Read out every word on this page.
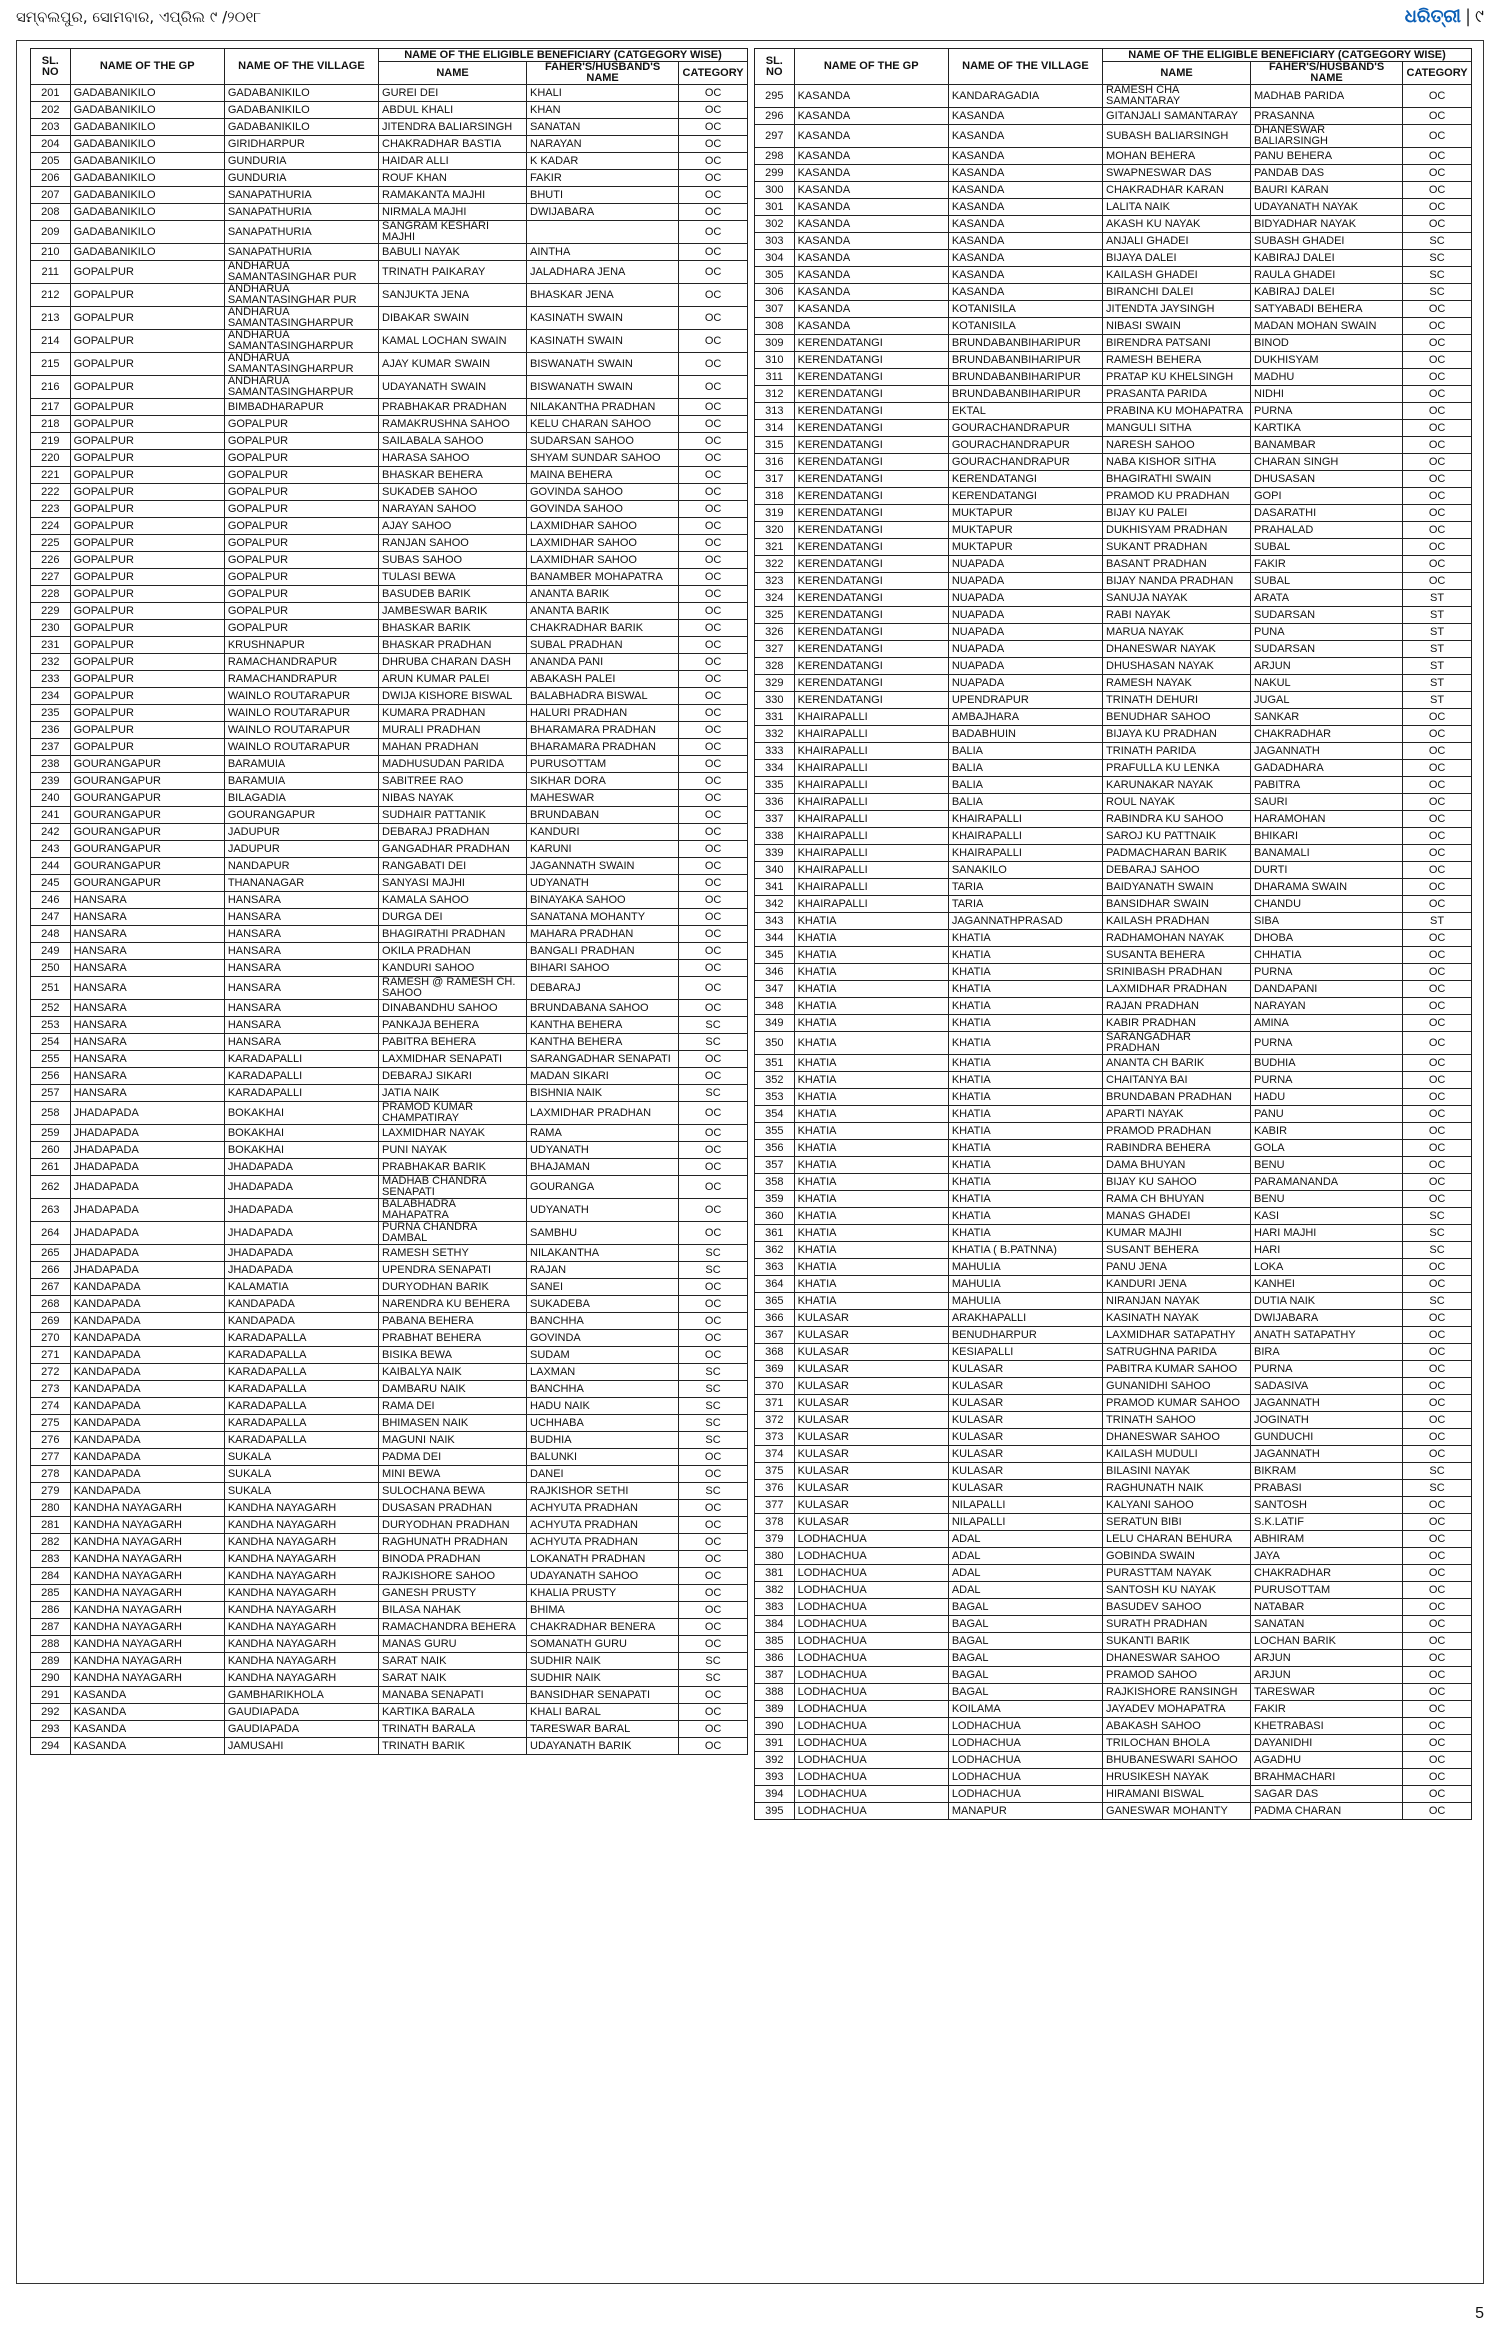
ସମ୍ବଲପୁର, ସୋମବାର, ଏପ୍ରିଲ ୯ /୨୦୧୮	ଧରିତ୍ରୀ | ୯
SL. NO	NAME OF THE GP	NAME OF THE VILLAGE	NAME OF THE ELIGIBLE BENEFICIARY (CATGEGORY WISE)		
			NAME	FAHER'S/HUSBAND'S NAME	CATEGORY
201	GADABANIKILO	GADABANIKILO	GUREI DEI	KHALI	OC
202	GADABANIKILO	GADABANIKILO	ABDUL KHALI	KHAN	OC
203	GADABANIKILO	GADABANIKILO	JITENDRA BALIARSINGH	SANATAN	OC
204	GADABANIKILO	GIRIDHARPUR	CHAKRADHAR BASTIA	NARAYAN	OC
205	GADABANIKILO	GUNDURIA	HAIDAR ALLI	K KADAR	OC
206	GADABANIKILO	GUNDURIA	ROUF KHAN	FAKIR	OC
207	GADABANIKILO	SANAPATHURIA	RAMAKANTA MAJHI	BHUTI	OC
208	GADABANIKILO	SANAPATHURIA	NIRMALA MAJHI	DWIJABARA	OC
209	GADABANIKILO	SANAPATHURIA	SANGRAM KESHARI MAJHI		OC
210	GADABANIKILO	SANAPATHURIA	BABULI NAYAK	AINTHA	OC
211	GOPALPUR	ANDHARUA SAMANTASINGHAR PUR	TRINATH PAIKARAY	JALADHARA JENA	OC
212	GOPALPUR	ANDHARUA SAMANTASINGHAR PUR	SANJUKTA JENA	BHASKAR JENA	OC
213	GOPALPUR	ANDHARUA SAMANTASINGHARPUR	DIBAKAR SWAIN	KASINATH SWAIN	OC
214	GOPALPUR	ANDHARUA SAMANTASINGHARPUR	KAMAL LOCHAN SWAIN	KASINATH SWAIN	OC
215	GOPALPUR	ANDHARUA SAMANTASINGHARPUR	AJAY KUMAR SWAIN	BISWANATH SWAIN	OC
216	GOPALPUR	ANDHARUA SAMANTASINGHARPUR	UDAYANATH SWAIN	BISWANATH SWAIN	OC
217	GOPALPUR	BIMBADHARAPUR	PRABHAKAR PRADHAN	NILAKANTHA PRADHAN	OC
218	GOPALPUR	GOPALPUR	RAMAKRUSHNA SAHOO	KELU CHARAN SAHOO	OC
219	GOPALPUR	GOPALPUR	SAILABALA SAHOO	SUDARSAN SAHOO	OC
220	GOPALPUR	GOPALPUR	HARASA SAHOO	SHYAM SUNDAR SAHOO	OC
221	GOPALPUR	GOPALPUR	BHASKAR BEHERA	MAINA BEHERA	OC
222	GOPALPUR	GOPALPUR	SUKADEB SAHOO	GOVINDA SAHOO	OC
223	GOPALPUR	GOPALPUR	NARAYAN SAHOO	GOVINDA SAHOO	OC
224	GOPALPUR	GOPALPUR	AJAY SAHOO	LAXMIDHAR SAHOO	OC
225	GOPALPUR	GOPALPUR	RANJAN SAHOO	LAXMIDHAR SAHOO	OC
226	GOPALPUR	GOPALPUR	SUBAS SAHOO	LAXMIDHAR SAHOO	OC
227	GOPALPUR	GOPALPUR	TULASI BEWA	BANAMBER MOHAPATRA	OC
228	GOPALPUR	GOPALPUR	BASUDEB BARIK	ANANTA BARIK	OC
229	GOPALPUR	GOPALPUR	JAMBESWAR BARIK	ANANTA BARIK	OC
230	GOPALPUR	GOPALPUR	BHASKAR BARIK	CHAKRADHAR BARIK	OC
231	GOPALPUR	KRUSHNAPUR	BHASKAR PRADHAN	SUBAL PRADHAN	OC
232	GOPALPUR	RAMACHANDRAPUR	DHRUBA CHARAN DASH	ANANDA PANI	OC
233	GOPALPUR	RAMACHANDRAPUR	ARUN KUMAR PALEI	ABAKASH PALEI	OC
234	GOPALPUR	WAINLO ROUTARAPUR	DWIJA KISHORE BISWAL	BALABHADRA BISWAL	OC
235	GOPALPUR	WAINLO ROUTARAPUR	KUMARA PRADHAN	HALURI PRADHAN	OC
236	GOPALPUR	WAINLO ROUTARAPUR	MURALI PRADHAN	BHARAMARA PRADHAN	OC
237	GOPALPUR	WAINLO ROUTARAPUR	MAHAN PRADHAN	BHARAMARA PRADHAN	OC
238	GOURANGAPUR	BARAMUIA	MADHUSUDAN PARIDA	PURUSOTTAM	OC
239	GOURANGAPUR	BARAMUIA	SABITREE RAO	SIKHAR DORA	OC
240	GOURANGAPUR	BILAGADIA	NIBAS NAYAK	MAHESWAR	OC
241	GOURANGAPUR	GOURANGAPUR	SUDHAIR PATTANIK	BRUNDABAN	OC
242	GOURANGAPUR	JADUPUR	DEBARAJ PRADHAN	KANDURI	OC
243	GOURANGAPUR	JADUPUR	GANGADHAR PRADHAN	KARUNI	OC
244	GOURANGAPUR	NANDAPUR	RANGABATI DEI	JAGANNATH SWAIN	OC
245	GOURANGAPUR	THANANAGAR	SANYASI MAJHI	UDYANATH	OC
246	HANSARA	HANSARA	KAMALA SAHOO	BINAYAKA SAHOO	OC
247	HANSARA	HANSARA	DURGA DEI	SANATANA MOHANTY	OC
248	HANSARA	HANSARA	BHAGIRATHI PRADHAN	MAHARA PRADHAN	OC
249	HANSARA	HANSARA	OKILA PRADHAN	BANGALI PRADHAN	OC
250	HANSARA	HANSARA	KANDURI SAHOO	BIHARI SAHOO	OC
251	HANSARA	HANSARA	RAMESH @ RAMESH CH. SAHOO	DEBARAJ	OC
252	HANSARA	HANSARA	DINABANDHU SAHOO	BRUNDABANA SAHOO	OC
253	HANSARA	HANSARA	PANKAJA BEHERA	KANTHA BEHERA	SC
254	HANSARA	HANSARA	PABITRA BEHERA	KANTHA BEHERA	SC
255	HANSARA	KARADAPALLI	LAXMIDHAR SENAPATI	SARANGADHAR SENAPATI	OC
256	HANSARA	KARADAPALLI	DEBARAJ SIKARI	MADAN SIKARI	OC
257	HANSARA	KARADAPALLI	JATIA NAIK	BISHNIA NAIK	SC
258	JHADAPADA	BOKAKHAI	PRAMOD KUMAR CHAMPATIRAY	LAXMIDHAR PRADHAN	OC
259	JHADAPADA	BOKAKHAI	LAXMIDHAR NAYAK	RAMA	OC
260	JHADAPADA	BOKAKHAI	PUNI NAYAK	UDYANATH	OC
261	JHADAPADA	JHADAPADA	PRABHAKAR BARIK	BHAJAMAN	OC
262	JHADAPADA	JHADAPADA	MADHAB CHANDRA SENAPATI	GOURANGA	OC
263	JHADAPADA	JHADAPADA	BALABHADRA MAHAPATRA	UDYANATH	OC
264	JHADAPADA	JHADAPADA	PURNA CHANDRA DAMBAL	SAMBHU	OC
265	JHADAPADA	JHADAPADA	RAMESH SETHY	NILAKANTHA	SC
266	JHADAPADA	JHADAPADA	UPENDRA SENAPATI	RAJAN	SC
267	KANDAPADA	KALAMATIA	DURYODHAN BARIK	SANEI	OC
268	KANDAPADA	KANDAPADA	NARENDRA KU BEHERA	SUKADEBA	OC
269	KANDAPADA	KANDAPADA	PABANA BEHERA	BANCHHA	OC
270	KANDAPADA	KARADAPALLA	PRABHAT BEHERA	GOVINDA	OC
271	KANDAPADA	KARADAPALLA	BISIKA BEWA	SUDAM	OC
272	KANDAPADA	KARADAPALLA	KAIBALYA NAIK	LAXMAN	SC
273	KANDAPADA	KARADAPALLA	DAMBARU NAIK	BANCHHA	SC
274	KANDAPADA	KARADAPALLA	RAMA DEI	HADU NAIK	SC
275	KANDAPADA	KARADAPALLA	BHIMASEN NAIK	UCHHABA	SC
276	KANDAPADA	KARADAPALLA	MAGUNI NAIK	BUDHIA	SC
277	KANDAPADA	SUKALA	PADMA DEI	BALUNKI	OC
278	KANDAPADA	SUKALA	MINI BEWA	DANEI	OC
279	KANDAPADA	SUKALA	SULOCHANA BEWA	RAJKISHOR SETHI	SC
280	KANDHA NAYAGARH	KANDHA NAYAGARH	DUSASAN PRADHAN	ACHYUTA PRADHAN	OC
281	KANDHA NAYAGARH	KANDHA NAYAGARH	DURYODHAN PRADHAN	ACHYUTA PRADHAN	OC
282	KANDHA NAYAGARH	KANDHA NAYAGARH	RAGHUNATH PRADHAN	ACHYUTA PRADHAN	OC
283	KANDHA NAYAGARH	KANDHA NAYAGARH	BINODA PRADHAN	LOKANATH PRADHAN	OC
284	KANDHA NAYAGARH	KANDHA NAYAGARH	RAJKISHORE SAHOO	UDAYANATH SAHOO	OC
285	KANDHA NAYAGARH	KANDHA NAYAGARH	GANESH PRUSTY	KHALIA PRUSTY	OC
286	KANDHA NAYAGARH	KANDHA NAYAGARH	BILASA NAHAK	BHIMA	OC
287	KANDHA NAYAGARH	KANDHA NAYAGARH	RAMACHANDRA BEHERA	CHAKRADHAR BENERA	OC
288	KANDHA NAYAGARH	KANDHA NAYAGARH	MANAS GURU	SOMANATH GURU	OC
289	KANDHA NAYAGARH	KANDHA NAYAGARH	SARAT NAIK	SUDHIR NAIK	SC
290	KANDHA NAYAGARH	KANDHA NAYAGARH	SARAT NAIK	SUDHIR NAIK	SC
291	KASANDA	GAMBHARIKHOLA	MANABA SENAPATI	BANSIDHAR SENAPATI	OC
292	KASANDA	GAUDIAPADA	KARTIKA BARALA	KHALI BARAL	OC
293	KASANDA	GAUDIAPADA	TRINATH BARALA	TARESWAR BARAL	OC
294	KASANDA	JAMUSAHI	TRINATH BARIK	UDAYANATH BARIK	OC
SL. NO	NAME OF THE GP	NAME OF THE VILLAGE	NAME OF THE ELIGIBLE BENEFICIARY (CATGEGORY WISE)		
			NAME	FAHER'S/HUSBAND'S NAME	CATEGORY
295	KASANDA	KANDARAGADIA	RAMESH CHA SAMANTARAY	MADHAB PARIDA	OC
296	KASANDA	KASANDA	GITANJALI SAMANTARAY	PRASANNA	OC
297	KASANDA	KASANDA	SUBASH BALIARSINGH	DHANESWAR BALIARSINGH	OC
298	KASANDA	KASANDA	MOHAN BEHERA	PANU BEHERA	OC
299	KASANDA	KASANDA	SWAPNESWAR DAS	PANDAB DAS	OC
300	KASANDA	KASANDA	CHAKRADHAR KARAN	BAURI KARAN	OC
301	KASANDA	KASANDA	LALITA NAIK	UDAYANATH NAYAK	OC
302	KASANDA	KASANDA	AKASH KU NAYAK	BIDYADHAR NAYAK	OC
303	KASANDA	KASANDA	ANJALI GHADEI	SUBASH GHADEI	SC
304	KASANDA	KASANDA	BIJAYA DALEI	KABIRAJ DALEI	SC
305	KASANDA	KASANDA	KAILASH GHADEI	RAULA GHADEI	SC
306	KASANDA	KASANDA	BIRANCHI DALEI	KABIRAJ DALEI	SC
307	KASANDA	KOTANISILA	JITENDTA JAYSINGH	SATYABADI BEHERA	OC
308	KASANDA	KOTANISILA	NIBASI SWAIN	MADAN MOHAN SWAIN	OC
309	KERENDATANGI	BRUNDABANBIHARIPUR	BIRENDRA PATSANI	BINOD	OC
310	KERENDATANGI	BRUNDABANBIHARIPUR	RAMESH BEHERA	DUKHISYAM	OC
311	KERENDATANGI	BRUNDABANBIHARIPUR	PRATAP KU KHELSINGH	MADHU	OC
312	KERENDATANGI	BRUNDABANBIHARIPUR	PRASANTA PARIDA	NIDHI	OC
313	KERENDATANGI	EKTAL	PRABINA KU MOHAPATRA	PURNA	OC
314	KERENDATANGI	GOURACHANDRAPUR	MANGULI SITHA	KARTIKA	OC
315	KERENDATANGI	GOURACHANDRAPUR	NARESH SAHOO	BANAMBAR	OC
316	KERENDATANGI	GOURACHANDRAPUR	NABA KISHOR SITHA	CHARAN SINGH	OC
317	KERENDATANGI	KERENDATANGI	BHAGIRATHI SWAIN	DHUSASAN	OC
318	KERENDATANGI	KERENDATANGI	PRAMOD KU PRADHAN	GOPI	OC
319	KERENDATANGI	MUKTAPUR	BIJAY KU PALEI	DASARATHI	OC
320	KERENDATANGI	MUKTAPUR	DUKHISYAM PRADHAN	PRAHALAD	OC
321	KERENDATANGI	MUKTAPUR	SUKANT PRADHAN	SUBAL	OC
322	KERENDATANGI	NUAPADA	BASANT PRADHAN	FAKIR	OC
323	KERENDATANGI	NUAPADA	BIJAY NANDA PRADHAN	SUBAL	OC
324	KERENDATANGI	NUAPADA	SANUJA NAYAK	ARATA	ST
325	KERENDATANGI	NUAPADA	RABI NAYAK	SUDARSAN	ST
326	KERENDATANGI	NUAPADA	MARUA NAYAK	PUNA	ST
327	KERENDATANGI	NUAPADA	DHANESWAR NAYAK	SUDARSAN	ST
328	KERENDATANGI	NUAPADA	DHUSHASAN NAYAK	ARJUN	ST
329	KERENDATANGI	NUAPADA	RAMESH NAYAK	NAKUL	ST
330	KERENDATANGI	UPENDRAPUR	TRINATH DEHURI	JUGAL	ST
331	KHAIRAPALLI	AMBAJHARA	BENUDHAR SAHOO	SANKAR	OC
332	KHAIRAPALLI	BADABHUIN	BIJAYA KU PRADHAN	CHAKRADHAR	OC
333	KHAIRAPALLI	BALIA	TRINATH PARIDA	JAGANNATH	OC
334	KHAIRAPALLI	BALIA	PRAFULLA KU LENKA	GADADHARA	OC
335	KHAIRAPALLI	BALIA	KARUNAKAR NAYAK	PABITRA	OC
336	KHAIRAPALLI	BALIA	ROUL NAYAK	SAURI	OC
337	KHAIRAPALLI	KHAIRAPALLI	RABINDRA KU SAHOO	HARAMOHAN	OC
338	KHAIRAPALLI	KHAIRAPALLI	SAROJ KU PATTNAIK	BHIKARI	OC
339	KHAIRAPALLI	KHAIRAPALLI	PADMACHARAN BARIK	BANAMALI	OC
340	KHAIRAPALLI	SANAKILO	DEBARAJ SAHOO	DURTI	OC
341	KHAIRAPALLI	TARIA	BAIDYANATH SWAIN	DHARAMA SWAIN	OC
342	KHAIRAPALLI	TARIA	BANSIDHAR SWAIN	CHANDU	OC
343	KHATIA	JAGANNATHPRASAD	KAILASH PRADHAN	SIBA	ST
344	KHATIA	KHATIA	RADHAMOHAN NAYAK	DHOBA	OC
345	KHATIA	KHATIA	SUSANTA BEHERA	CHHATIA	OC
346	KHATIA	KHATIA	SRINIBASH PRADHAN	PURNA	OC
347	KHATIA	KHATIA	LAXMIDHAR PRADHAN	DANDAPANI	OC
348	KHATIA	KHATIA	RAJAN PRADHAN	NARAYAN	OC
349	KHATIA	KHATIA	KABIR PRADHAN	AMINA	OC
350	KHATIA	KHATIA	SARANGADHAR PRADHAN	PURNA	OC
351	KHATIA	KHATIA	ANANTA CH BARIK	BUDHIA	OC
352	KHATIA	KHATIA	CHAITANYA BAI	PURNA	OC
353	KHATIA	KHATIA	BRUNDABAN PRADHAN	HADU	OC
354	KHATIA	KHATIA	APARTI NAYAK	PANU	OC
355	KHATIA	KHATIA	PRAMOD PRADHAN	KABIR	OC
356	KHATIA	KHATIA	RABINDRA BEHERA	GOLA	OC
357	KHATIA	KHATIA	DAMA BHUYAN	BENU	OC
358	KHATIA	KHATIA	BIJAY KU SAHOO	PARAMANANDA	OC
359	KHATIA	KHATIA	RAMA CH BHUYAN	BENU	OC
360	KHATIA	KHATIA	MANAS GHADEI	KASI	SC
361	KHATIA	KHATIA	KUMAR MAJHI	HARI MAJHI	SC
362	KHATIA	KHATIA ( B.PATNNA)	SUSANT BEHERA	HARI	SC
363	KHATIA	MAHULIA	PANU JENA	LOKA	OC
364	KHATIA	MAHULIA	KANDURI JENA	KANHEI	OC
365	KHATIA	MAHULIA	NIRANJAN NAYAK	DUTIA NAIK	SC
366	KULASAR	ARAKHAPALLI	KASINATH NAYAK	DWIJABARA	OC
367	KULASAR	BENUDHARPUR	LAXMIDHAR SATAPATHY	ANATH SATAPATHY	OC
368	KULASAR	KESIAPALLI	SATRUGHNA PARIDA	BIRA	OC
369	KULASAR	KULASAR	PABITRA KUMAR SAHOO	PURNA	OC
370	KULASAR	KULASAR	GUNANIDHI SAHOO	SADASIVA	OC
371	KULASAR	KULASAR	PRAMOD KUMAR SAHOO	JAGANNATH	OC
372	KULASAR	KULASAR	TRINATH SAHOO	JOGINATH	OC
373	KULASAR	KULASAR	DHANESWAR SAHOO	GUNDUCHI	OC
374	KULASAR	KULASAR	KAILASH MUDULI	JAGANNATH	OC
375	KULASAR	KULASAR	BILASINI NAYAK	BIKRAM	SC
376	KULASAR	KULASAR	RAGHUNATH NAIK	PRABASI	SC
377	KULASAR	NILAPALLI	KALYANI SAHOO	SANTOSH	OC
378	KULASAR	NILAPALLI	SERATUN BIBI	S.K.LATIF	OC
379	LODHACHUA	ADAL	LELU CHARAN BEHURA	ABHIRAM	OC
380	LODHACHUA	ADAL	GOBINDA SWAIN	JAYA	OC
381	LODHACHUA	ADAL	PURASTTAM NAYAK	CHAKRADHAR	OC
382	LODHACHUA	ADAL	SANTOSH KU NAYAK	PURUSOTTAM	OC
383	LODHACHUA	BAGAL	BASUDEV SAHOO	NATABAR	OC
384	LODHACHUA	BAGAL	SURATH PRADHAN	SANATAN	OC
385	LODHACHUA	BAGAL	SUKANTI BARIK	LOCHAN BARIK	OC
386	LODHACHUA	BAGAL	DHANESWAR SAHOO	ARJUN	OC
387	LODHACHUA	BAGAL	PRAMOD SAHOO	ARJUN	OC
388	LODHACHUA	BAGAL	RAJKISHORE RANSINGH	TARESWAR	OC
389	LODHACHUA	KOILAMA	JAYADEV MOHAPATRA	FAKIR	OC
390	LODHACHUA	LODHACHUA	ABAKASH SAHOO	KHETRABASI	OC
391	LODHACHUA	LODHACHUA	TRILOCHAN BHOLA	DAYANIDHI	OC
392	LODHACHUA	LODHACHUA	BHUBANESWARI SAHOO	AGADHU	OC
393	LODHACHUA	LODHACHUA	HRUSIKESH NAYAK	BRAHMACHARI	OC
394	LODHACHUA	LODHACHUA	HIRAMANI BISWAL	SAGAR DAS	OC
395	LODHACHUA	MANAPUR	GANESWAR MOHANTY	PADMA CHARAN	OC
5
